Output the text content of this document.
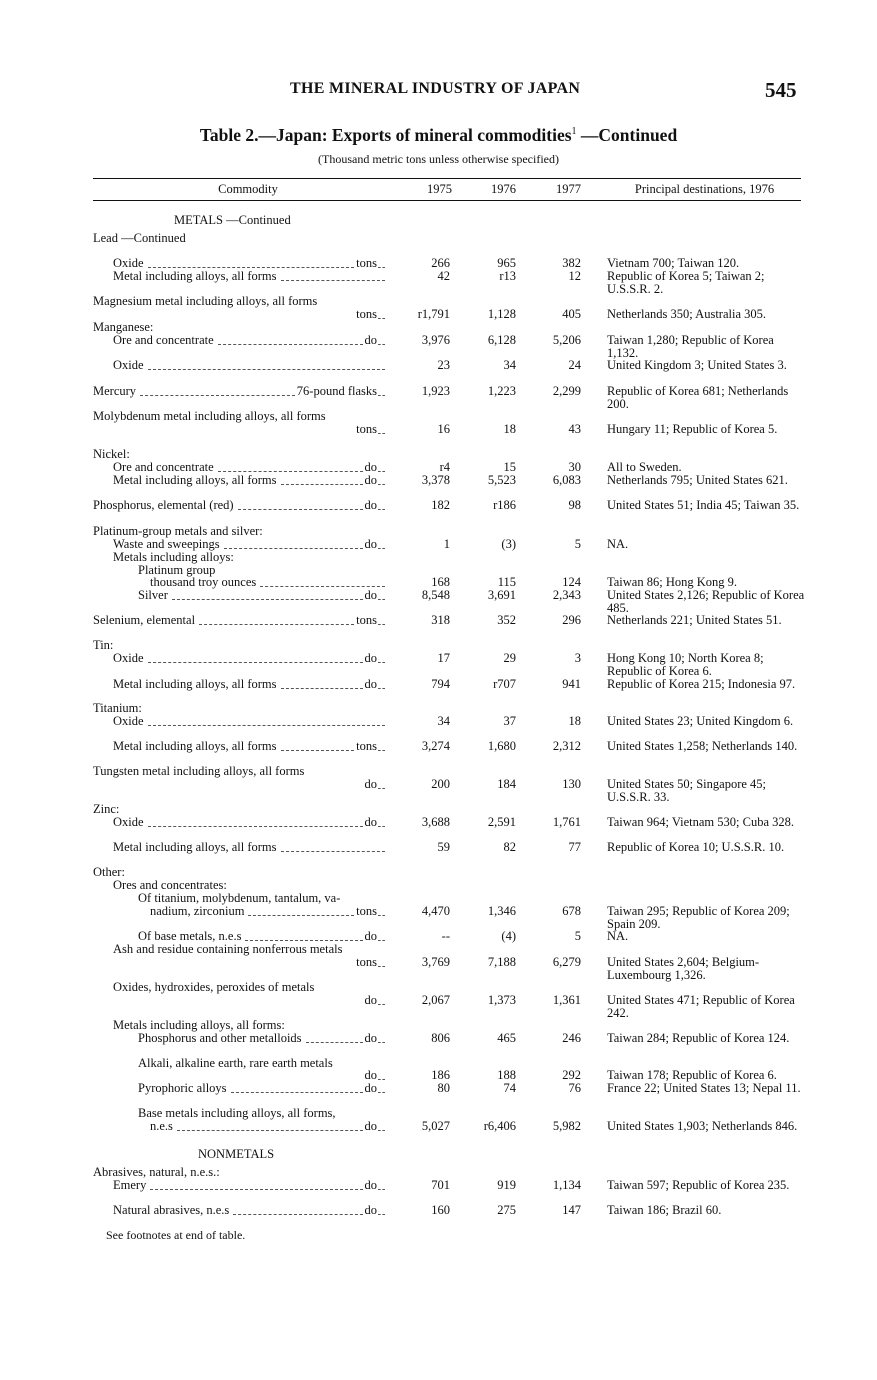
THE MINERAL INDUSTRY OF JAPAN	545
Table 2.—Japan: Exports of mineral commodities$^1$ —Continued
(Thousand metric tons unless otherwise specified)
Commodity	1975	1976	1977	Principal destinations, 1976
METALS —Continued
Lead —Continued
Oxide	tons	266	965	382 Vietnam 700; Taiwan 120.
Metal including alloys, all forms	42	r13	12 Republic of Korea 5; Taiwan 2; U.S.S.R. 2.
Magnesium metal including alloys, all forms
tons	r1,791	1,128	405 Netherlands 350; Australia 305.
Manganese:
Ore and concentrate	do	3,976	6,128	5,206 Taiwan 1,280; Republic of Korea 1,132.
Oxide	23	34	24 United Kingdom 3; United States 3.
Mercury	76-pound flasks	1,923	1,223	2,299 Republic of Korea 681; Netherlands 200.
Molybdenum metal including alloys, all forms
tons	16	18	43 Hungary 11; Republic of Korea 5.
Nickel:
Ore and concentrate	do	r4	15	30 All to Sweden.
Metal including alloys, all forms	do	3,378	5,523	6,083 Netherlands 795; United States 621.
Phosphorus, elemental (red)	do	182	r186	98 United States 51; India 45; Taiwan 35.
Platinum-group metals and silver:
Waste and sweepings	do	1	(3)	5 NA.
Metals including alloys:
Platinum group
thousand troy ounces	168	115	124 Taiwan 86; Hong Kong 9.
Silver	do	8,548	3,691	2,343 United States 2,126; Republic of Korea 485.
Selenium, elemental	tons	318	352	296 Netherlands 221; United States 51.
Tin:
Oxide	do	17	29	3 Hong Kong 10; North Korea 8; Republic of Korea 6.
Metal including alloys, all forms	do	794	r707	941 Republic of Korea 215; Indonesia 97.
Titanium:
Oxide	34	37	18 United States 23; United Kingdom 6.
Metal including alloys, all forms	tons	3,274	1,680	2,312 United States 1,258; Netherlands 140.
Tungsten metal including alloys, all forms
do	200	184	130 United States 50; Singapore 45; U.S.S.R. 33.
Zinc:
Oxide	do	3,688	2,591	1,761 Taiwan 964; Vietnam 530; Cuba 328.
Metal including alloys, all forms	59	82	77 Republic of Korea 10; U.S.S.R. 10.
Other:
Ores and concentrates:
Of titanium, molybdenum, tantalum, va-
nadium, zirconium	tons	4,470	1,346	678 Taiwan 295; Republic of Korea 209; Spain 209.
Of base metals, n.e.s	do	--	(4)	5 NA.
Ash and residue containing nonferrous metals
tons	3,769	7,188	6,279 United States 2,604; Belgium-Luxembourg 1,326.
Oxides, hydroxides, peroxides of metals
do	2,067	1,373	1,361 United States 471; Republic of Korea 242.
Metals including alloys, all forms:
Phosphorus and other metalloids	do	806	465	246 Taiwan 284; Republic of Korea 124.
Alkali, alkaline earth, rare earth metals
do	186	188	292 Taiwan 178; Republic of Korea 6.
Pyrophoric alloys	do	80	74	76 France 22; United States 13; Nepal 11.
Base metals including alloys, all forms,
n.e.s	do	5,027	r6,406	5,982 United States 1,903; Netherlands 846.
NONMETALS
Abrasives, natural, n.e.s.:
Emery	do	701	919	1,134 Taiwan 597; Republic of Korea 235.
Natural abrasives, n.e.s	do	160	275	147 Taiwan 186; Brazil 60.
See footnotes at end of table.
